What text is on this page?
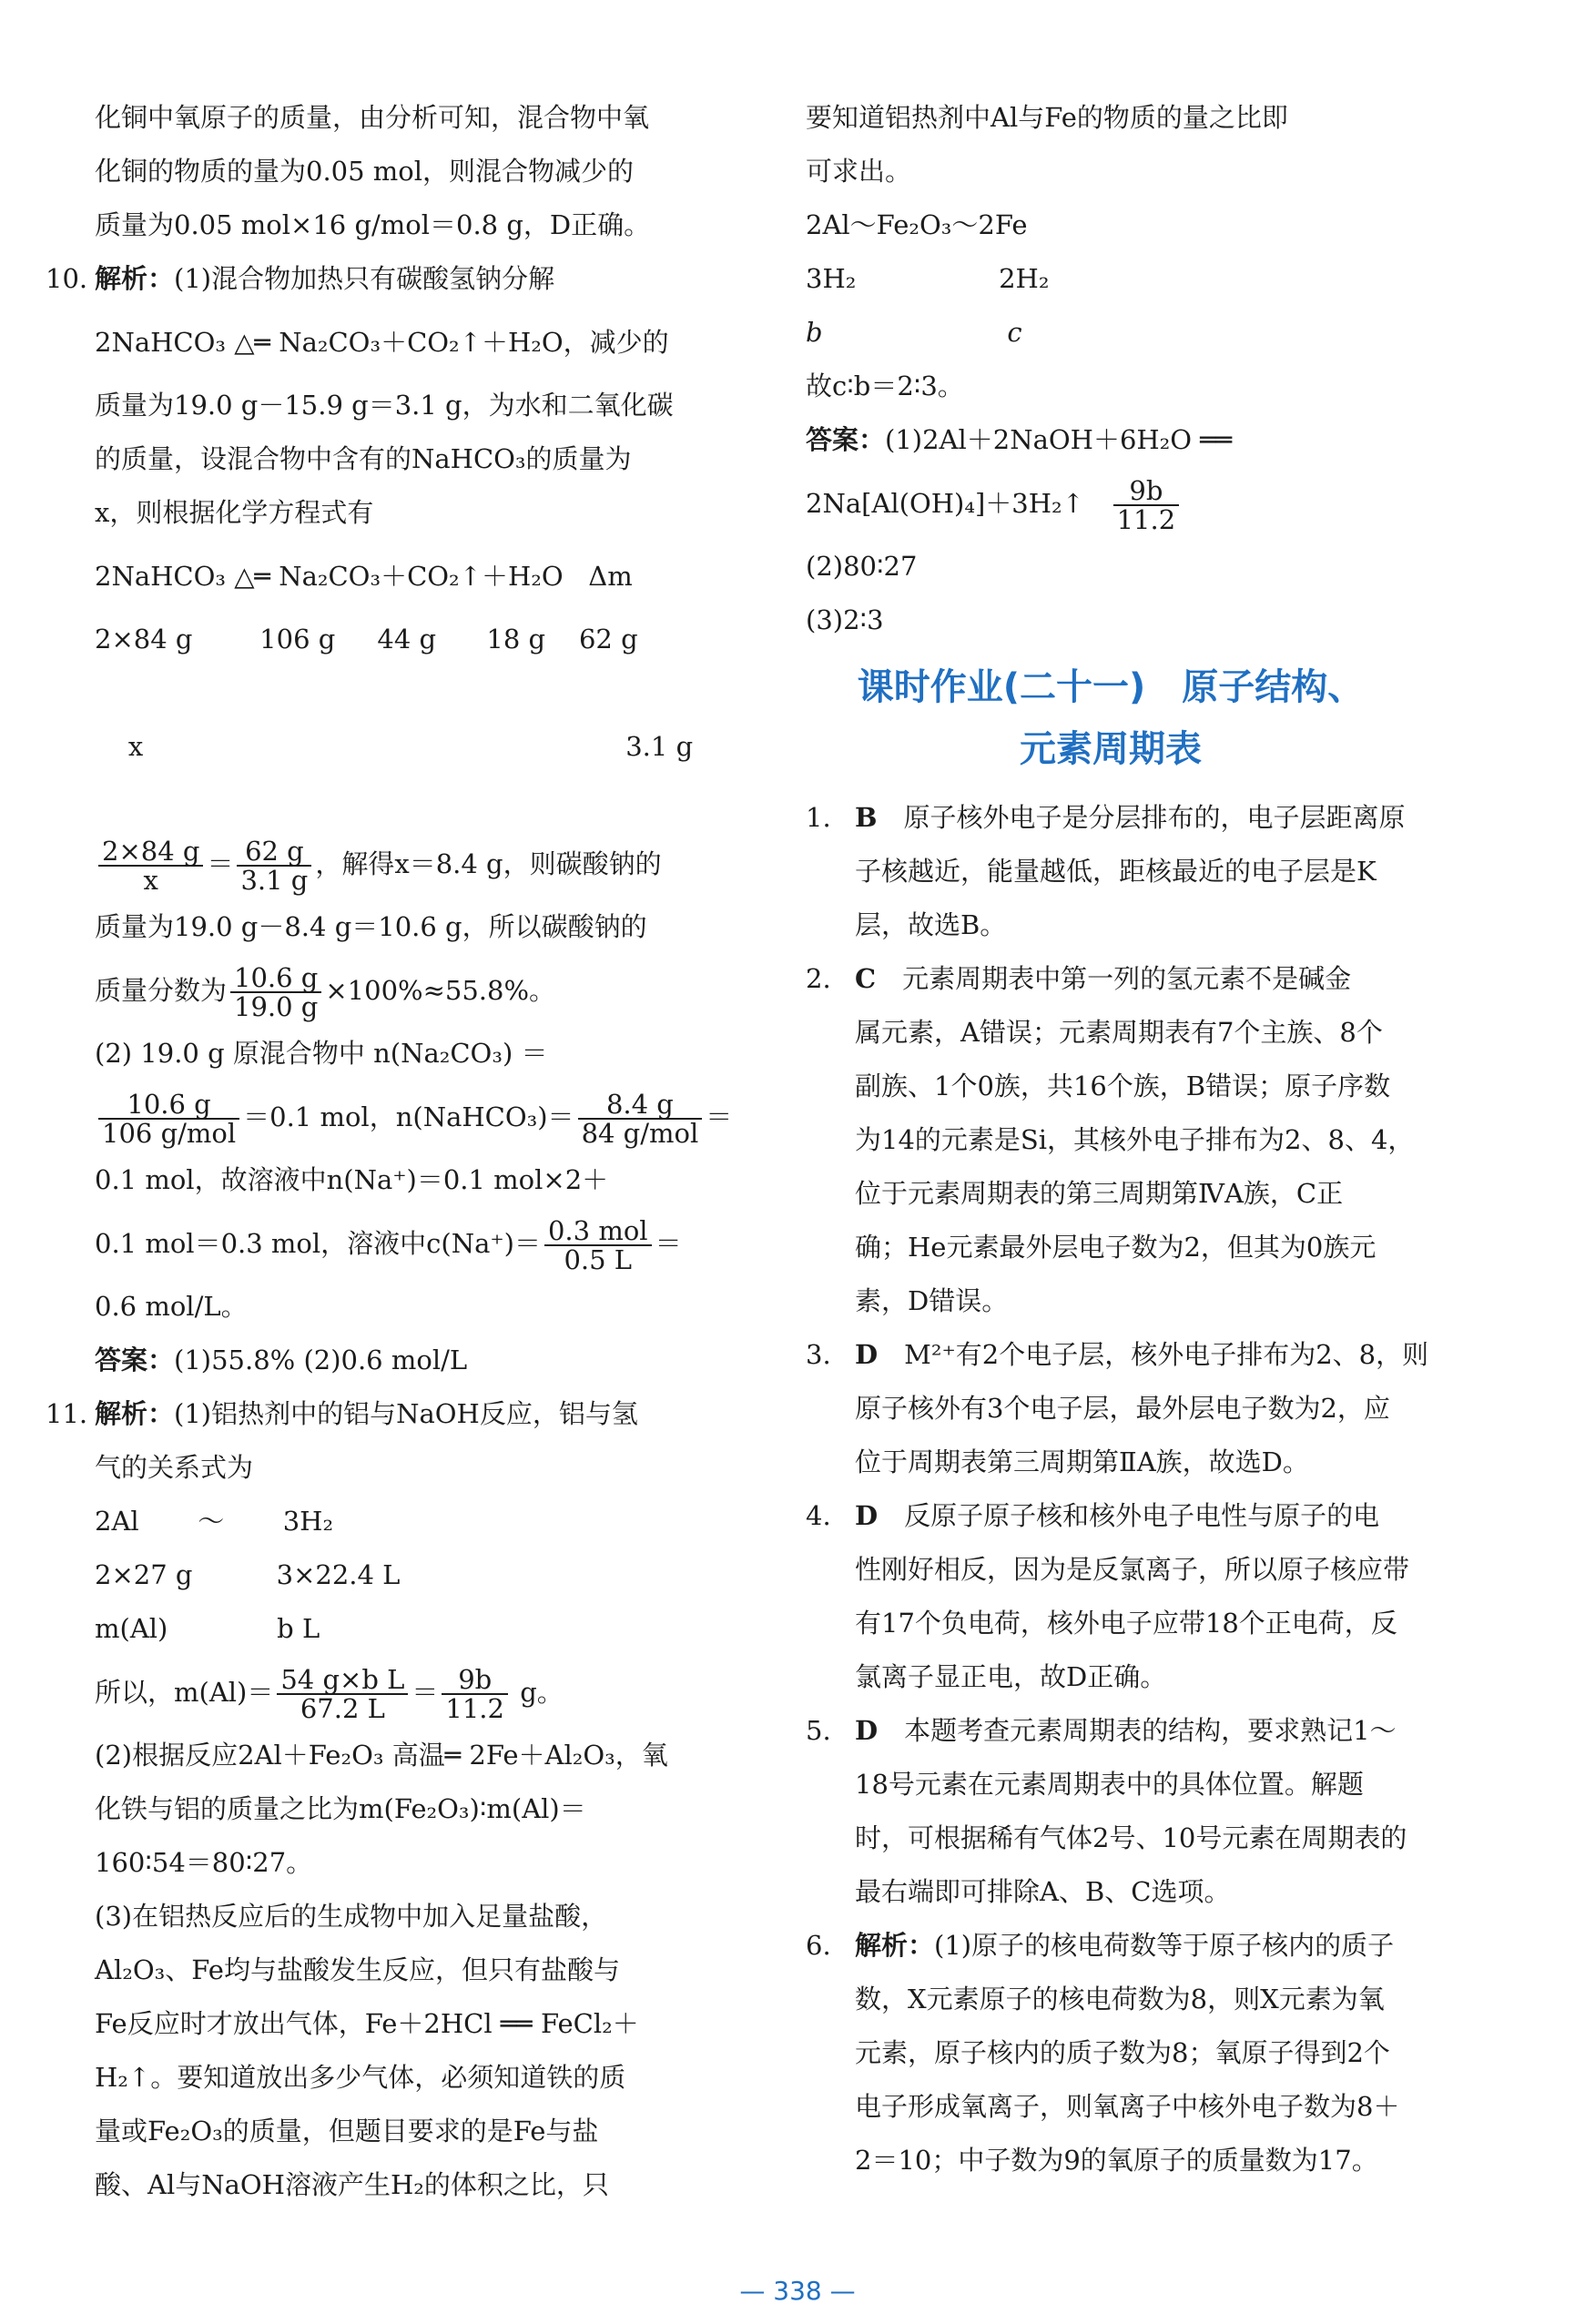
化铜中氧原子的质量，由分析可知，混合物中氧
化铜的物质的量为0.05 mol，则混合物减少的
质量为0.05 mol×16 g/mol＝0.8 g，D正确。
10. 解析：(1)混合物加热只有碳酸氢钠分解
2NaHCO₃ △═ Na₂CO₃＋CO₂↑＋H₂O，减少的
质量为19.0 g－15.9 g＝3.1 g，为水和二氧化碳
的质量，设混合物中含有的NaHCO₃的质量为
x，则根据化学方程式有
2NaHCO₃ △═ Na₂CO₃＋CO₂↑＋H₂O   Δm
2×84 g        106 g     44 g      18 g    62 g

x	3.1 g

$\frac{2\times 84 g}{x} = \frac{62 g}{3.1 g}$ ，解得x＝8.4 g，则碳酸钠的
质量为19.0 g－8.4 g＝10.6 g，所以碳酸钠的
质量分数为 $\frac{10.6 g}{19.0 g} \times 100\%\approx 55.8\%$。
(2) 19.0 g 原混合物中 n(Na₂CO₃) ＝
$\frac{10.6 g}{\text{106 g/mol}} =0.1$ mol，n(NaHCO₃)＝ $\frac{8.4 g}{\text{84 g/mol}}$ ＝
0.1 mol，故溶液中n(Na⁺)＝0.1 mol×2＋
0.1 mol＝0.3 mol，溶液中$c(Na^+)= \frac{\text{0.3 mol}}{0.5 L}$ ＝
0.6 mol/L。
答案：(1)55.8% (2)0.6 mol/L
11. 解析：(1)铝热剂中的铝与NaOH反应，铝与氢
气的关系式为
2Al       ～       3H₂
2×27 g          3×22.4 L
m(Al)             b L
所以，$m(Al)= \frac{\text{54 g×b L}}{67.2 L} = \frac{9b}{11.2}$ g。
(2)根据反应2Al＋Fe₂O₃ 高温═ 2Fe＋Al₂O₃，氧
化铁与铝的质量之比为m(Fe₂O₃)∶m(Al)＝
160∶54＝80∶27。
(3)在铝热反应后的生成物中加入足量盐酸，
Al₂O₃、Fe均与盐酸发生反应，但只有盐酸与
Fe反应时才放出气体，Fe＋2HCl ══ FeCl₂＋
H₂↑。要知道放出多少气体，必须知道铁的质
量或Fe₂O₃的质量，但题目要求的是Fe与盐
酸、Al与NaOH溶液产生H₂的体积之比，只
要知道铝热剂中Al与Fe的物质的量之比即
可求出。
2Al～Fe₂O₃～2Fe
3H₂                 2H₂
b                      c
故c∶b＝2∶3。
答案：(1)2Al＋2NaOH＋6H₂O ══
2Na[Al(OH)₄]＋3H₂↑ $\frac{9b}{11.2}$
(2)80∶27
(3)2∶3
课时作业(二十一)　原子结构、
元素周期表
1. B　原子核外电子是分层排布的，电子层距离原
子核越近，能量越低，距核最近的电子层是K
层，故选B。
2. C　元素周期表中第一列的氢元素不是碱金
属元素，A错误；元素周期表有7个主族、8个
副族、1个0族，共16个族，B错误；原子序数
为14的元素是Si，其核外电子排布为2、8、4，
位于元素周期表的第三周期第ⅣA族，C正
确；He元素最外层电子数为2，但其为0族元
素，D错误。
3. D　M²⁺有2个电子层，核外电子排布为2、8，则
原子核外有3个电子层，最外层电子数为2，应
位于周期表第三周期第ⅡA族，故选D。
4. D　反原子原子核和核外电子电性与原子的电
性刚好相反，因为是反氯离子，所以原子核应带
有17个负电荷，核外电子应带18个正电荷，反
氯离子显正电，故D正确。
5. D　本题考查元素周期表的结构，要求熟记1～
18号元素在元素周期表中的具体位置。解题
时，可根据稀有气体2号、10号元素在周期表的
最右端即可排除A、B、C选项。
6. 解析：(1)原子的核电荷数等于原子核内的质子
数，X元素原子的核电荷数为8，则X元素为氧
元素，原子核内的质子数为8；氧原子得到2个
电子形成氧离子，则氧离子中核外电子数为8＋
2＝10；中子数为9的氧原子的质量数为17。
— 338 —
